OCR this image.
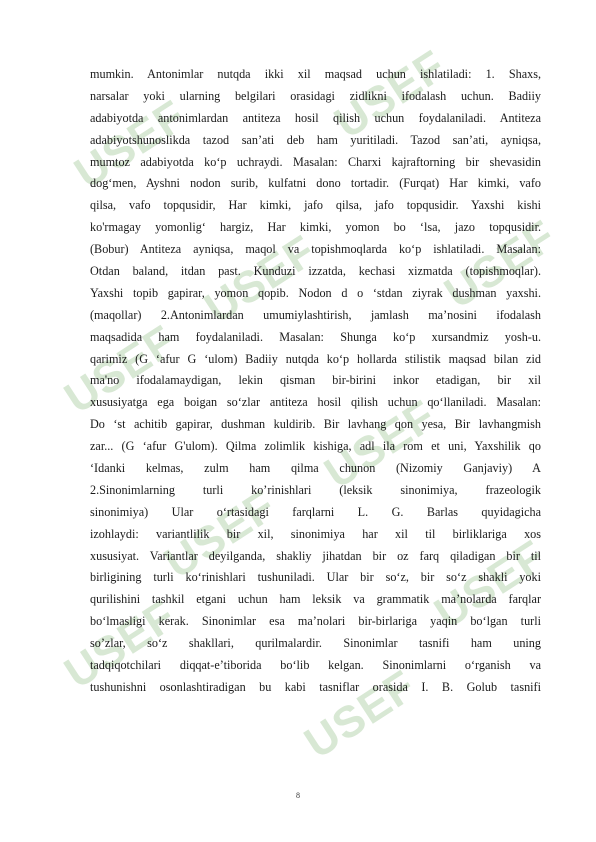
USEF	USEF
USEF	USEF
USEF
USEF
USEF	USEF
USEF
USEF
mumkin. Antonimlar nutqda ikki xil maqsad uchun ishlatiladi: 1. Shaxs,
narsalar yoki ularning belgilari orasidagi zidlikni ifodalash uchun. Badiiy
adabiyotda antonimlardan antiteza hosil qilish uchun foydalaniladi. Antiteza
adabiyotshunoslikda tazod san’ati deb ham yuritiladi. Tazod san’ati, ayniqsa,
mumtoz adabiyotda ko‘p uchraydi. Masalan: Charxi kajraftorning bir shevasidin
dog‘men, Ayshni nodon surib, kulfatni dono tortadir. (Furqat) Har kimki, vafo
qilsa, vafo topqusidir, Har kimki, jafo qilsa, jafo topqusidir. Yaxshi kishi
ko'rmagay yomonlig‘ hargiz, Har kimki, yomon bo ‘lsa, jazo topqusidir.
(Bobur) Antiteza ayniqsa, maqol va topishmoqlarda ko‘p ishlatiladi. Masalan:
Otdan baland, itdan past. Kunduzi izzatda, kechasi xizmatda (topishmoqlar).
Yaxshi topib gapirar, yomon qopib. Nodon d o ‘stdan ziyrak dushman yaxshi.
(maqollar) 2.Antonimlardan umumiylashtirish, jamlash ma’nosini ifodalash
maqsadida ham foydalaniladi. Masalan: Shunga ko‘p xursandmiz yosh-u.
qarimiz (G ‘afur G ‘ulom) Badiiy nutqda ko‘p hollarda stilistik maqsad bilan zid
ma'no ifodalamaydigan, lekin qisman bir-birini inkor etadigan, bir xil
xususiyatga ega boigan so‘zlar antiteza hosil qilish uchun qo‘llaniladi. Masalan:
Do ‘st achitib gapirar, dushman kuldirib. Bir lavhang qon yesa, Bir lavhangmish
zar... (G ‘afur G'ulom). Qilma zolimlik kishiga, adl ila rom et uni, Yaxshilik qo
‘Idanki kelmas, zulm ham qilma chunon (Nizomiy Ganjaviy) A
2.Sinonimlarning turli ko’rinishlari (leksik sinonimiya, frazeologik
sinonimiya) Ular o‘rtasidagi farqlarni L. G. Barlas quyidagicha
izohlaydi: variantlilik bir xil, sinonimiya har xil til birliklariga xos
xususiyat. Variantlar deyilganda, shakliy jihatdan bir oz farq qiladigan bir til
birligining turli ko‘rinishlari tushuniladi. Ular bir so‘z, bir so‘z shakli yoki
qurilishini tashkil etgani uchun ham leksik va grammatik ma’nolarda farqlar
bo‘lmasligi kerak. Sinonimlar esa ma’nolari bir-birlariga yaqin bo‘lgan turli
so’zlar, so‘z shakllari, qurilmalardir. Sinonimlar tasnifi ham uning
tadqiqotchilari diqqat-e’tiborida bo‘lib kelgan. Sinonimlarni o‘rganish va
tushunishni osonlashtiradigan bu kabi tasniflar orasida I. B. Golub tasnifi
8
